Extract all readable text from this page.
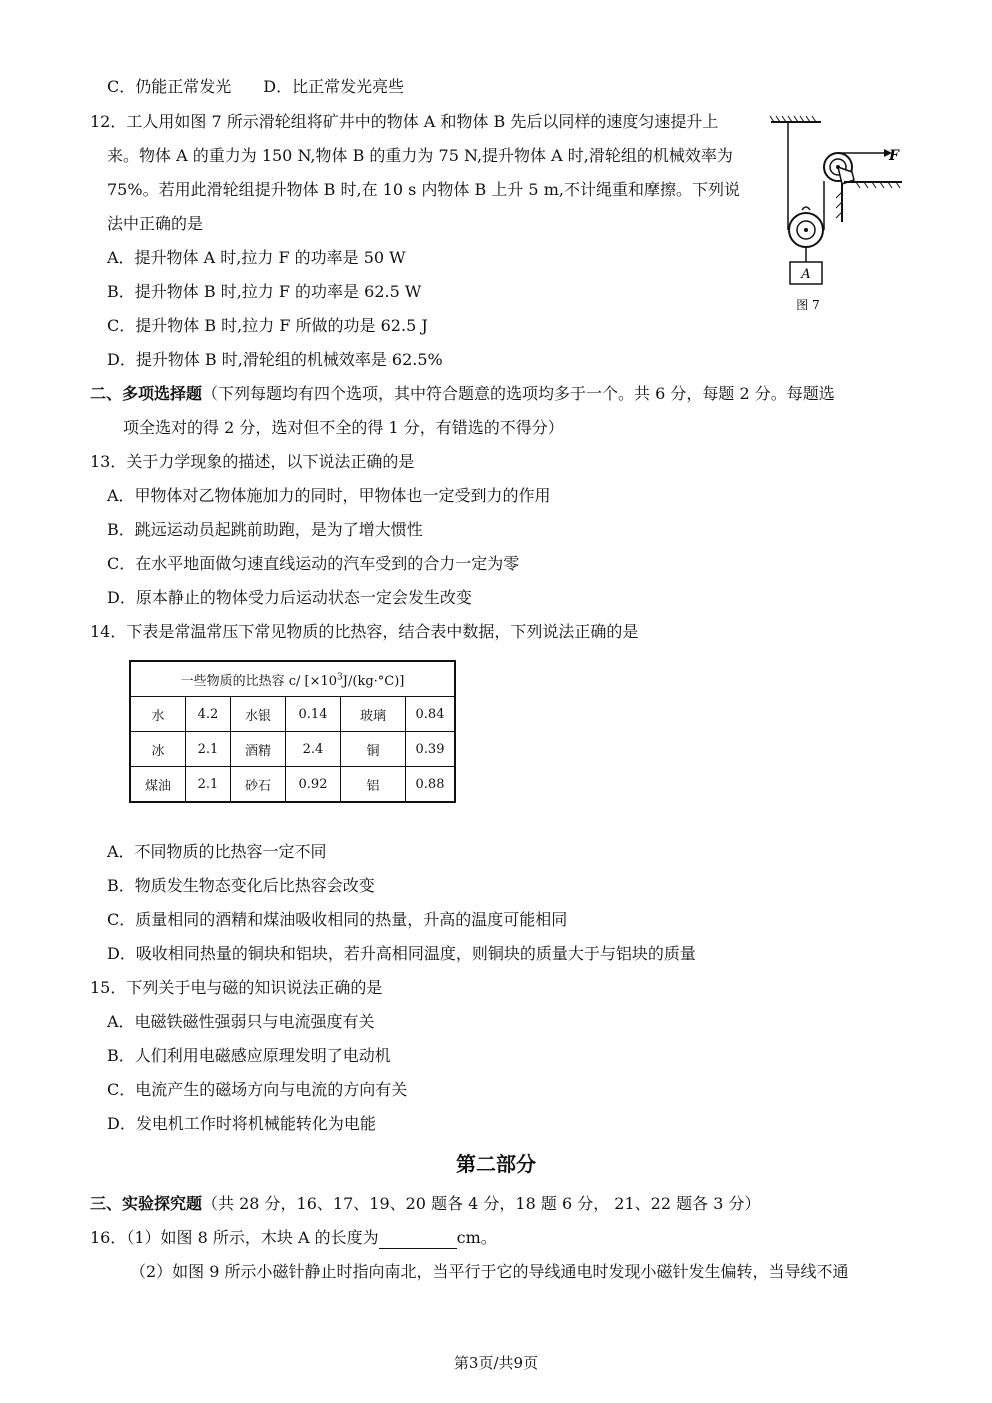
C．仍能正常发光　　D．比正常发光亮些
12．工人用如图 7 所示滑轮组将矿井中的物体 A 和物体 B 先后以同样的速度匀速提升上
来。物体 A 的重力为 150 N,物体 B 的重力为 75 N,提升物体 A 时,滑轮组的机械效率为
75%。若用此滑轮组提升物体 B 时,在 10 s 内物体 B 上升 5 m,不计绳重和摩擦。下列说
法中正确的是
A．提升物体 A 时,拉力 F 的功率是 50 W
B．提升物体 B 时,拉力 F 的功率是 62.5 W
C．提升物体 B 时,拉力 F 所做的功是 62.5 J
D．提升物体 B 时,滑轮组的机械效率是 62.5%
F
A
图 7
二、多项选择题（下列每题均有四个选项，其中符合题意的选项均多于一个。共 6 分，每题 2 分。每题选
项全选对的得 2 分，选对但不全的得 1 分，有错选的不得分）
13．关于力学现象的描述，以下说法正确的是
A．甲物体对乙物体施加力的同时，甲物体也一定受到力的作用
B．跳远运动员起跳前助跑，是为了增大惯性
C．在水平地面做匀速直线运动的汽车受到的合力一定为零
D．原本静止的物体受力后运动状态一定会发生改变
14．下表是常温常压下常见物质的比热容，结合表中数据，下列说法正确的是
一些物质的比热容 c/ $[\times 10^3J/(kg\cdot^\circ C)]$					
水	4.2	水银	0.14	玻璃	0.84
冰	2.1	酒精	2.4	铜	0.39
煤油	2.1	砂石	0.92	铝	0.88
A．不同物质的比热容一定不同
B．物质发生物态变化后比热容会改变
C．质量相同的酒精和煤油吸收相同的热量，升高的温度可能相同
D．吸收相同热量的铜块和铝块，若升高相同温度，则铜块的质量大于与铝块的质量
15．下列关于电与磁的知识说法正确的是
A．电磁铁磁性强弱只与电流强度有关
B．人们利用电磁感应原理发明了电动机
C．电流产生的磁场方向与电流的方向有关
D．发电机工作时将机械能转化为电能
第二部分
三、实验探究题（共 28 分，16、17、19、20 题各 4 分，18 题 6 分， 21、22 题各 3 分）
16．（1）如图 8 所示，木块 A 的长度为	cm。
（2）如图 9 所示小磁针静止时指向南北，当平行于它的导线通电时发现小磁针发生偏转，当导线不通
第3页/共9页
